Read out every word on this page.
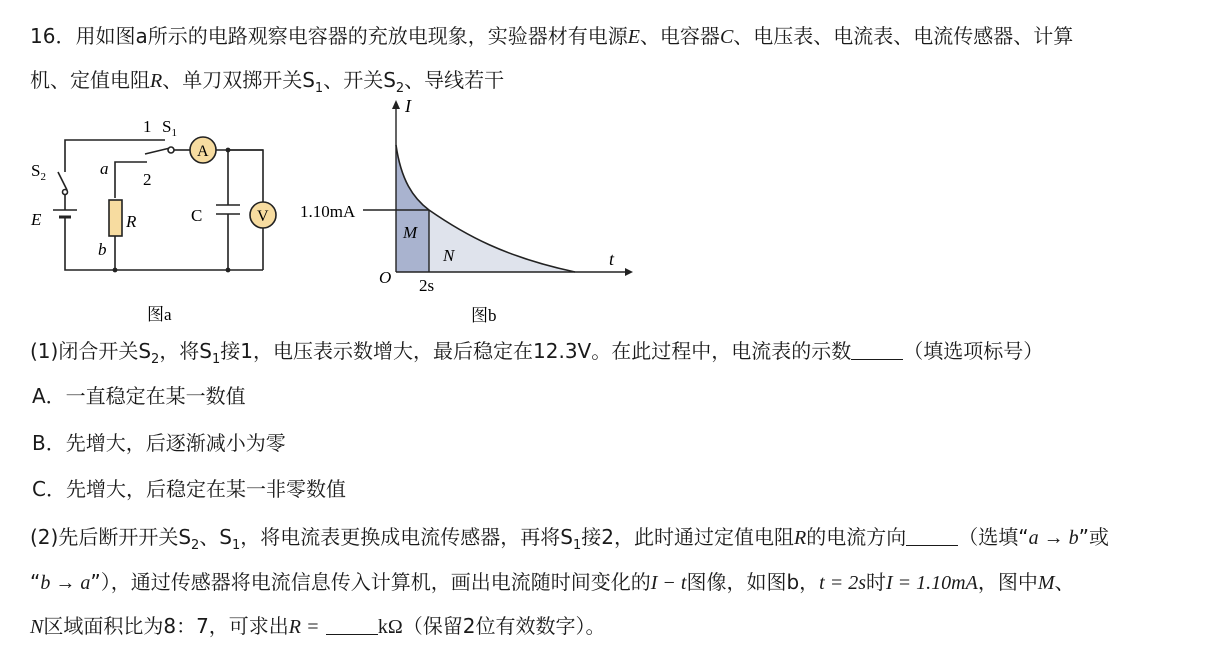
16．用如图a所示的电路观察电容器的充放电现象，实验器材有电源E、电容器C、电压表、电流表、电流传感器、计算
机、定值电阻R、单刀双掷开关$S_1$、开关$S_2$、导线若干
1 $S_1$
A
$S_2$	a
2
E	R	C	V
b
图a
I
1.10mA
M
N	t
O 2s
图b
(1)闭合开关$S_2$，将$S_1$接1，电压表示数增大，最后稳定在12.3V。在此过程中，电流表的示数	（填选项标号）
A．一直稳定在某一数值
B．先增大，后逐渐减小为零
C．先增大，后稳定在某一非零数值
(2)先后断开开关$S_2$、$S_1$，将电流表更换成电流传感器，再将$S_1$接2，此时通过定值电阻R的电流方向	（选填“a → b”或
“b → a”），通过传感器将电流信息传入计算机，画出电流随时间变化的I − t图像，如图b，t = 2s时I = 1.10mA，图中M、
N区域面积比为8：7，可求出R =	kΩ（保留2位有效数字）。
